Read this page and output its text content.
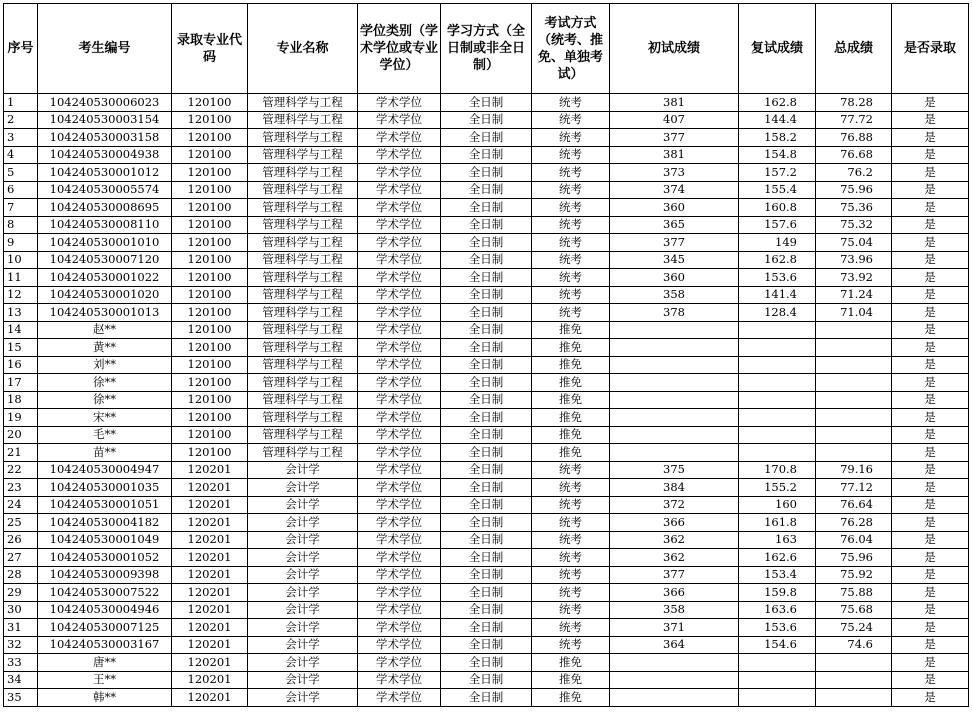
序号	考生编号	录取专业代码	专业名称	学位类别（学术学位或专业学位）	学习方式（全日制或非全日制）	考试方式（统考、推免、单独考试）	初试成绩	复试成绩	总成绩	是否录取
1	104240530006023	120100	管理科学与工程	学术学位	全日制	统考	381	162.8	78.28	是
2	104240530003154	120100	管理科学与工程	学术学位	全日制	统考	407	144.4	77.72	是
3	104240530003158	120100	管理科学与工程	学术学位	全日制	统考	377	158.2	76.88	是
4	104240530004938	120100	管理科学与工程	学术学位	全日制	统考	381	154.8	76.68	是
5	104240530001012	120100	管理科学与工程	学术学位	全日制	统考	373	157.2	76.2	是
6	104240530005574	120100	管理科学与工程	学术学位	全日制	统考	374	155.4	75.96	是
7	104240530008695	120100	管理科学与工程	学术学位	全日制	统考	360	160.8	75.36	是
8	104240530008110	120100	管理科学与工程	学术学位	全日制	统考	365	157.6	75.32	是
9	104240530001010	120100	管理科学与工程	学术学位	全日制	统考	377	149	75.04	是
10	104240530007120	120100	管理科学与工程	学术学位	全日制	统考	345	162.8	73.96	是
11	104240530001022	120100	管理科学与工程	学术学位	全日制	统考	360	153.6	73.92	是
12	104240530001020	120100	管理科学与工程	学术学位	全日制	统考	358	141.4	71.24	是
13	104240530001013	120100	管理科学与工程	学术学位	全日制	统考	378	128.4	71.04	是
14	赵**	120100	管理科学与工程	学术学位	全日制	推免				是
15	黄**	120100	管理科学与工程	学术学位	全日制	推免				是
16	刘**	120100	管理科学与工程	学术学位	全日制	推免				是
17	徐**	120100	管理科学与工程	学术学位	全日制	推免				是
18	徐**	120100	管理科学与工程	学术学位	全日制	推免				是
19	宋**	120100	管理科学与工程	学术学位	全日制	推免				是
20	毛**	120100	管理科学与工程	学术学位	全日制	推免				是
21	苗**	120100	管理科学与工程	学术学位	全日制	推免				是
22	104240530004947	120201	会计学	学术学位	全日制	统考	375	170.8	79.16	是
23	104240530001035	120201	会计学	学术学位	全日制	统考	384	155.2	77.12	是
24	104240530001051	120201	会计学	学术学位	全日制	统考	372	160	76.64	是
25	104240530004182	120201	会计学	学术学位	全日制	统考	366	161.8	76.28	是
26	104240530001049	120201	会计学	学术学位	全日制	统考	362	163	76.04	是
27	104240530001052	120201	会计学	学术学位	全日制	统考	362	162.6	75.96	是
28	104240530009398	120201	会计学	学术学位	全日制	统考	377	153.4	75.92	是
29	104240530007522	120201	会计学	学术学位	全日制	统考	366	159.8	75.88	是
30	104240530004946	120201	会计学	学术学位	全日制	统考	358	163.6	75.68	是
31	104240530007125	120201	会计学	学术学位	全日制	统考	371	153.6	75.24	是
32	104240530003167	120201	会计学	学术学位	全日制	统考	364	154.6	74.6	是
33	唐**	120201	会计学	学术学位	全日制	推免				是
34	王**	120201	会计学	学术学位	全日制	推免				是
35	韩**	120201	会计学	学术学位	全日制	推免				是
